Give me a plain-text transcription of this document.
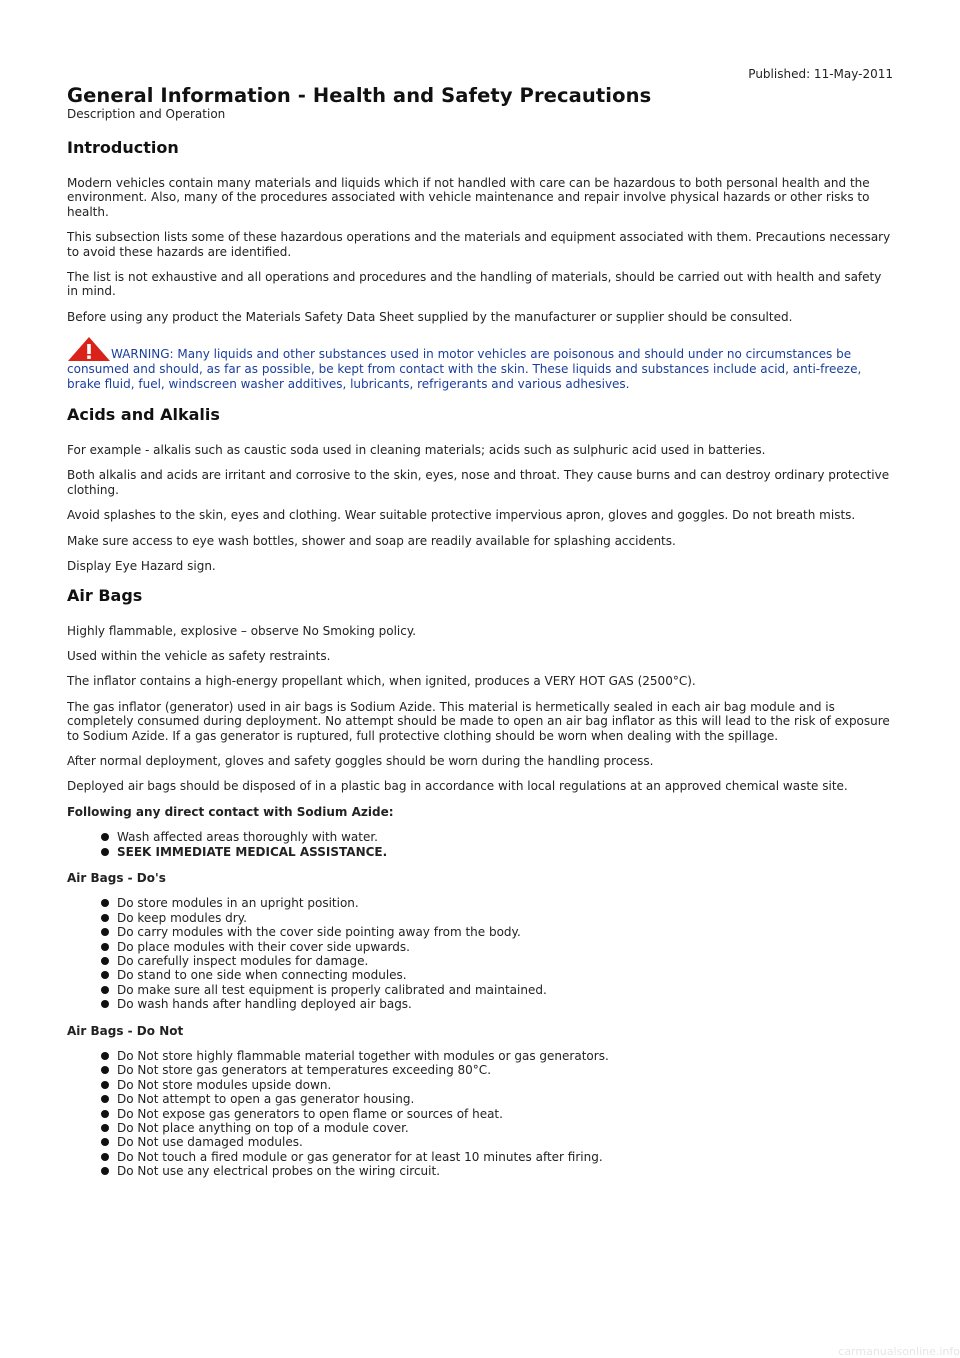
Published: 11-May-2011
General Information - Health and Safety Precautions
Description and Operation
Introduction

Modern vehicles contain many materials and liquids which if not handled with care can be hazardous to both personal health and the environment. Also, many of the procedures associated with vehicle maintenance and repair involve physical hazards or other risks to health.

This subsection lists some of these hazardous operations and the materials and equipment associated with them. Precautions necessary to avoid these hazards are identified.

The list is not exhaustive and all operations and procedures and the handling of materials, should be carried out with health and safety in mind.

Before using any product the Materials Safety Data Sheet supplied by the manufacturer or supplier should be consulted.

WARNING: Many liquids and other substances used in motor vehicles are poisonous and should under no circumstances be consumed and should, as far as possible, be kept from contact with the skin. These liquids and substances include acid, anti-freeze, brake fluid, fuel, windscreen washer additives, lubricants, refrigerants and various adhesives.

Acids and Alkalis

For example - alkalis such as caustic soda used in cleaning materials; acids such as sulphuric acid used in batteries.

Both alkalis and acids are irritant and corrosive to the skin, eyes, nose and throat. They cause burns and can destroy ordinary protective clothing.

Avoid splashes to the skin, eyes and clothing. Wear suitable protective impervious apron, gloves and goggles. Do not breath mists.

Make sure access to eye wash bottles, shower and soap are readily available for splashing accidents.

Display Eye Hazard sign.

Air Bags

Highly flammable, explosive – observe No Smoking policy.

Used within the vehicle as safety restraints.

The inflator contains a high-energy propellant which, when ignited, produces a VERY HOT GAS (2500°C).

The gas inflator (generator) used in air bags is Sodium Azide. This material is hermetically sealed in each air bag module and is completely consumed during deployment. No attempt should be made to open an air bag inflator as this will lead to the risk of exposure to Sodium Azide. If a gas generator is ruptured, full protective clothing should be worn when dealing with the spillage.

After normal deployment, gloves and safety goggles should be worn during the handling process.

Deployed air bags should be disposed of in a plastic bag in accordance with local regulations at an approved chemical waste site.

Following any direct contact with Sodium Azide:

Wash affected areas thoroughly with water.
SEEK IMMEDIATE MEDICAL ASSISTANCE.

Air Bags - Do's

Do store modules in an upright position.
Do keep modules dry.
Do carry modules with the cover side pointing away from the body.
Do place modules with their cover side upwards.
Do carefully inspect modules for damage.
Do stand to one side when connecting modules.
Do make sure all test equipment is properly calibrated and maintained.
Do wash hands after handling deployed air bags.

Air Bags - Do Not

Do Not store highly flammable material together with modules or gas generators.
Do Not store gas generators at temperatures exceeding 80°C.
Do Not store modules upside down.
Do Not attempt to open a gas generator housing.
Do Not expose gas generators to open flame or sources of heat.
Do Not place anything on top of a module cover.
Do Not use damaged modules.
Do Not touch a fired module or gas generator for at least 10 minutes after firing.
Do Not use any electrical probes on the wiring circuit.
carmanualsonline.info
